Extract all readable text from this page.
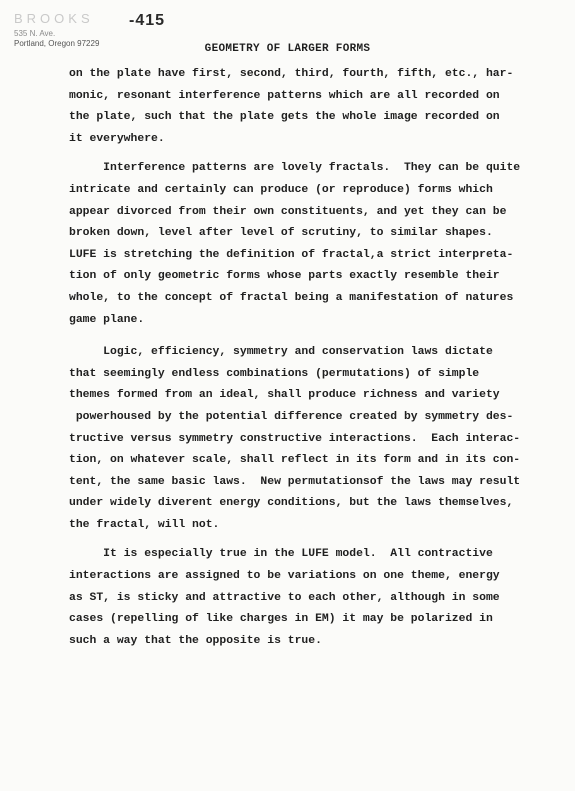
BROOKS	-415
535 N. Ave.
Portland, Oregon 97229	GEOMETRY OF LARGER FORMS
on the plate have first, second, third, fourth, fifth, etc., har-
monic, resonant interference patterns which are all recorded on
the plate, such that the plate gets the whole image recorded on
it everywhere.
Interference patterns are lovely fractals.  They can be quite
intricate and certainly can produce (or reproduce) forms which
appear divorced from their own constituents, and yet they can be
broken down, level after level of scrutiny, to similar shapes.
LUFE is stretching the definition of fractal,a strict interpreta-
tion of only geometric forms whose parts exactly resemble their
whole, to the concept of fractal being a manifestation of natures
game plane.
Logic, efficiency, symmetry and conservation laws dictate
that seemingly endless combinations (permutations) of simple
themes formed from an ideal, shall produce richness and variety
powerhoused by the potential difference created by symmetry des-
tructive versus symmetry constructive interactions.  Each interac-
tion, on whatever scale, shall reflect in its form and in its con-
tent, the same basic laws.  New permutationsof the laws may result
under widely diverent energy conditions, but the laws themselves,
the fractal, will not.
It is especially true in the LUFE model.  All contractive
interactions are assigned to be variations on one theme, energy
as ST, is sticky and attractive to each other, although in some
cases (repelling of like charges in EM) it may be polarized in
such a way that the opposite is true.
